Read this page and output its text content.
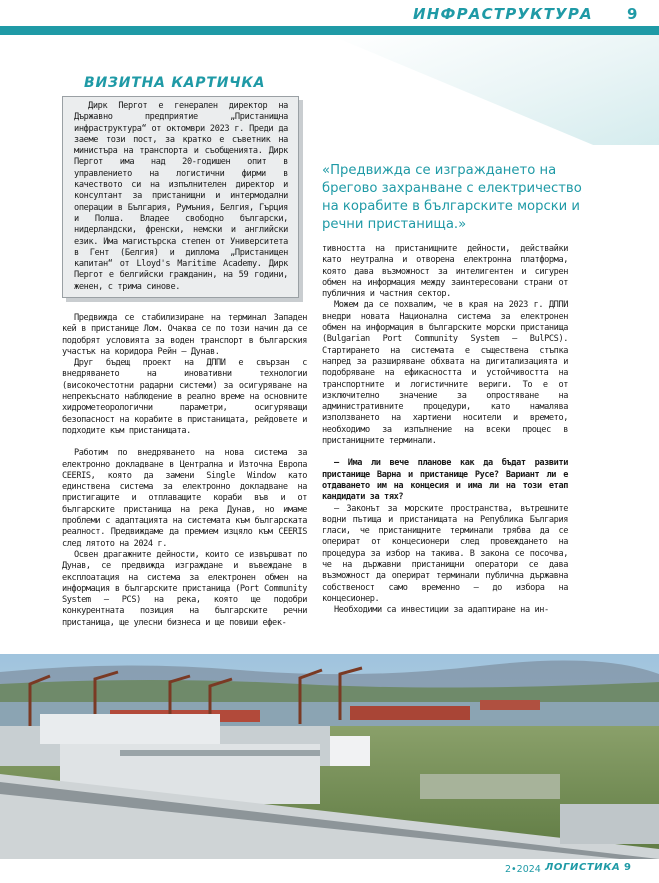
ИНФРАСТРУКТУРА 9
ВИЗИТНА КАРТИЧКА

Дирк Пергот е генерален директор на Държавно предприятие „Пристанищна инфраструктура“ от октомври 2023 г. Преди да заеме този пост, за кратко е съветник на министъра на транспорта и съобщенията. Дирк Пергот има над 20-годишен опит в управлението на логистични фирми в качеството си на изпълнителен директор и консултант за пристанищни и интермодални операции в България, Румъния, Белгия, Гърция и Полша. Владее свободно български, нидерландски, френски, немски и английски език. Има магистърска степен от Университета в Гент (Белгия) и диплома „Пристанищен капитан“ от Lloyd's Maritime Academy. Дирк Пергот е белгийски гражданин, на 59 години, женен, с трима синове.

«Предвижда се изграждането на брегово захранване с електричество на корабите в българските морски и речни пристанища.»

Предвижда се стабилизиране на терминал Западен кей в пристанище Лом. Очаква се по този начин да се подобрят условията за воден транспорт в българския участък на коридора Рейн – Дунав.

Друг бъдещ проект на ДППИ е свързан с внедряването на иновативни технологии (високочестотни радарни системи) за осигуряване на непрекъснато наблюдение в реално време на основните хидрометеорологични параметри, осигуряващи безопасност на корабите в пристанищата, рейдовете и подходите към пристанищата.

Работим по внедряването на нова система за електронно докладване в Централна и Източна Европа CEERIS, която да замени Single Window като единствена система за електронно докладване на пристигащите и отплаващите кораби във и от българските пристанища на река Дунав, но имаме проблеми с адаптацията на системата към българската реалност. Предвиждаме да премием изцяло към CEERIS след лятото на 2024 г.

Освен драгажните дейности, които се извършват по Дунав, се предвижда изграждане и въвеждане в експлоатация на система за електронен обмен на информация в българските пристанища (Port Community System – PCS) на река, която ще подобри конкурентната позиция на българските речни пристанища, ще улесни бизнеса и ще повиши ефек-

тивността на пристанищните дейности, действайки като неутрална и отворена електронна платформа, която дава възможност за интелигентен и сигурен обмен на информация между заинтересовани страни от публичния и частния сектор.

Можем да се похвалим, че в края на 2023 г. ДППИ внедри новата Национална система за електронен обмен на информация в българските морски пристанища (Bulgarian Port Community System – BulPCS). Стартирането на системата е съществена стъпка напред за разширяване обхвата на дигитализацията и подобряване на ефикасността и устойчивостта на транспортните и логистичните вериги. То е от изключително значение за опростяване на административните процедури, като намалява използването на хартиени носители и времето, необходимо за изпълнение на всеки процес в пристанищните терминали.

– Има ли вече планове как да бъдат развити пристанище Варна и пристанище Русе? Вариант ли е отдаването им на концесия и има ли на този етап кандидати за тях?

– Законът за морските пространства, вътрешните водни пътища и пристанищата на Република България гласи, че пристанищните терминали трябва да се оперират от концесионери след провеждането на процедура за избор на такива. В закона се посочва, че на държавни пристанищни оператори се дава възможност да оперират терминали публична държавна собственост само временно – до избора на концесионер.

Необходими са инвестиции за адаптиране на ин-

2•2024 ЛОГИСТИКА 9
